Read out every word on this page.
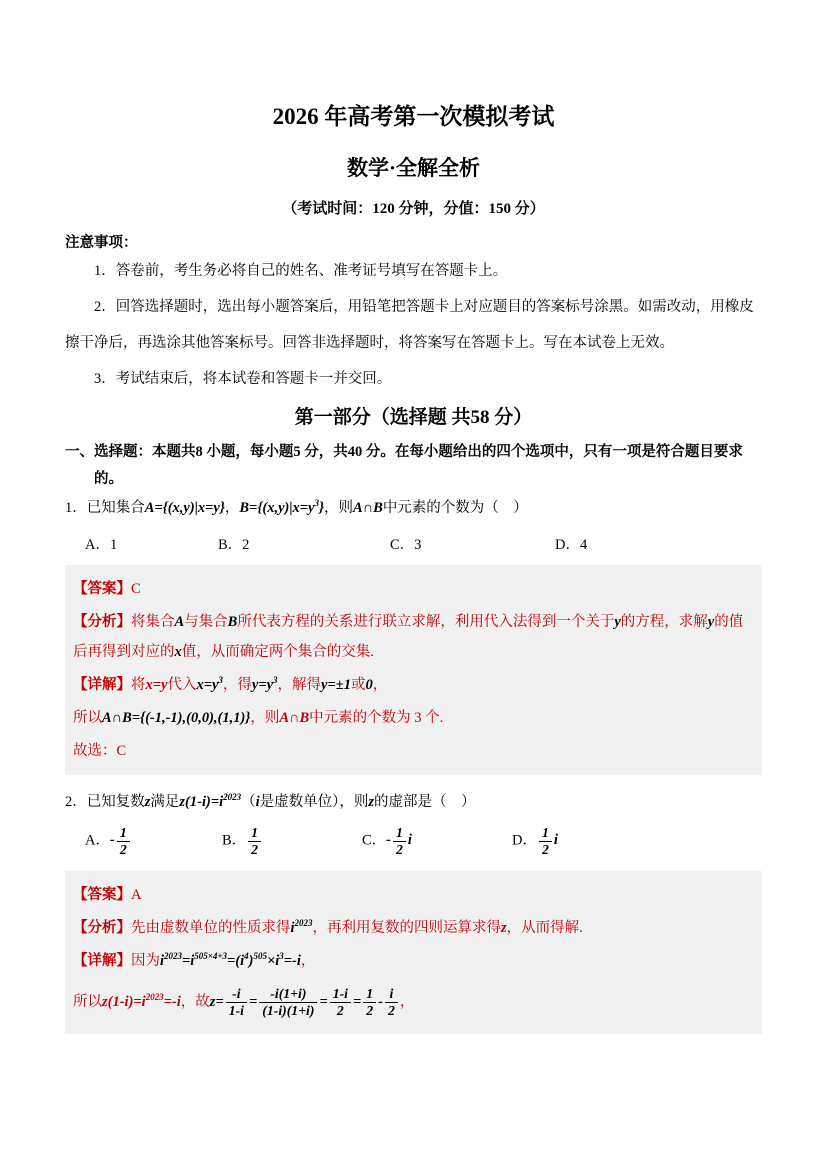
2026 年高考第一次模拟考试
数学·全解全析

（考试时间：120 分钟，分值：150 分）

注意事项：

1．答卷前，考生务必将自己的姓名、准考证号填写在答题卡上。

2．回答选择题时，选出每小题答案后，用铅笔把答题卡上对应题目的答案标号涂黑。如需改动，用橡皮擦干净后，再选涂其他答案标号。回答非选择题时，将答案写在答题卡上。写在本试卷上无效。

3．考试结束后，将本试卷和答题卡一并交回。

第一部分（选择题 共58 分）

一、选择题：本题共8 小题，每小题5 分，共40 分。在每小题给出的四个选项中，只有一项是符合题目要求的。

1．已知集合A={(x,y)|x=y}，$B=\{(x,y)|x=y^3\}$，则A∩B中元素的个数为（　）

A．1	B．2	C．3	D．4

【答案】C

【分析】将集合A与集合B所代表方程的关系进行联立求解，利用代入法得到一个关于y的方程，求解y的值后再得到对应的x值，从而确定两个集合的交集.

【详解】将x=y代入$x=y^3$，得$y=y^3$，解得y=±1或0，

所以A∩B={(-1,-1),(0,0),(1,1)}，则A∩B中元素的个数为 3 个.

故选：C

2．已知复数z满足$z(1-i)=i^{2023}(i$是虚数单位），则z的虚部是（　）

A．- $\frac{1}{2}$	B． $\frac{1}{2}$	C．- $\frac{1}{2}$ i	D． $\frac{1}{2}$ i

【答案】A

【分析】先由虚数单位的性质求得$i^{2023}$，再利用复数的四则运算求得z，从而得解.

【详解】因为$i^{2023}=i^{505\times 4+3}=(i^4)^{505}\times i^3=-i$，

所以$z(1-i)=i^{2023}=-i$，故$z= \frac{-i}{1-i} = \frac{-i(1+i)}{(1-i)(1+i)} = \frac{1-i}{2} = \frac{1}{2} - \frac{i}{2}$ ，
